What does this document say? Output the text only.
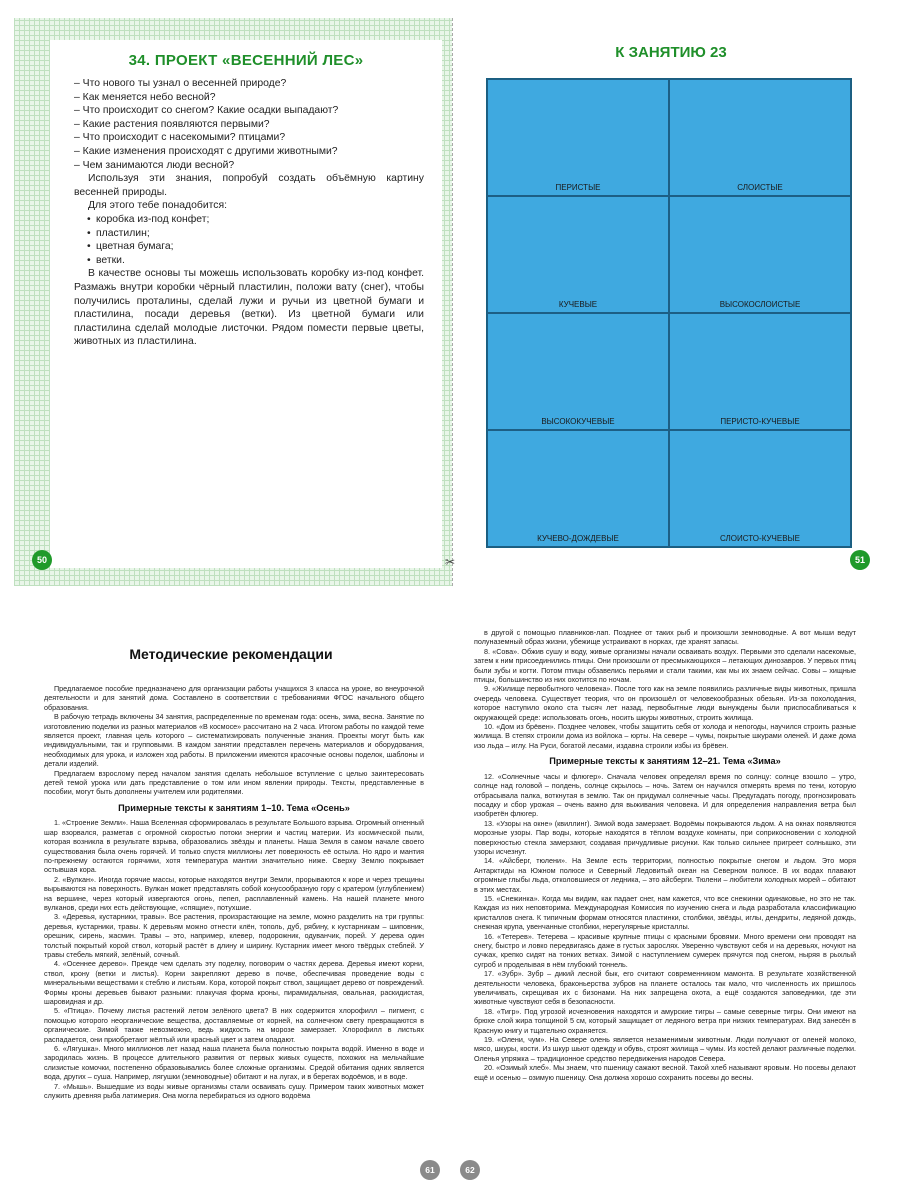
34. ПРОЕКТ «ВЕСЕННИЙ ЛЕС»

– Что нового ты узнал о весенней природе?

– Как меняется небо весной?

– Что происходит со снегом? Какие осадки выпадают?

– Какие растения появляются первыми?

– Что происходит с насекомыми? птицами?

– Какие изменения происходят с другими животными?

– Чем занимаются люди весной?

Используя эти знания, попробуй создать объёмную картину весенней природы.

Для этого тебе понадобится:

• коробка из-под конфет;
• пластилин;
• цветная бумага;
• ветки.

В качестве основы ты можешь использовать коробку из-под конфет. Размажь внутри коробки чёрный пластилин, положи вату (снег), чтобы получились проталины, сделай лужи и ручьи из цветной бумаги и пластилина, посади деревья (ветки). Из цветной бумаги или пластилина сделай молодые листочки. Рядом помести первые цветы, животных из пластилина.

50	✂
К ЗАНЯТИЮ 23
ПЕРИСТЫЕ	СЛОИСТЫЕ
КУЧЕВЫЕ	ВЫСОКОСЛОИСТЫЕ
ВЫСОКОКУЧЕВЫЕ	ПЕРИСТО-КУЧЕВЫЕ
КУЧЕВО-ДОЖДЕВЫЕ	СЛОИСТО-КУЧЕВЫЕ
51
Методические рекомендации

Предлагаемое пособие предназначено для организации работы учащихся 3 класса на уроке, во внеурочной деятельности и для занятий дома. Составлено в соответствии с требованиями ФГОС начального общего образования.

В рабочую тетрадь включены 34 занятия, распределенные по временам года: осень, зима, весна. Занятие по изготовлению поделки из разных материалов «В космосе» рассчитано на 2 часа. Итогом работы по каждой теме является проект, главная цель которого – систематизировать полученные знания. Проекты могут быть как индивидуальными, так и групповыми. В каждом занятии представлен перечень материалов и оборудования, необходимых для урока, и изложен ход работы. В приложении имеются красочные основы поделок, шаблоны и детали изделий.

Предлагаем взрослому перед началом занятия сделать небольшое вступление с целью заинтересовать детей темой урока или дать представление о том или ином явлении природы. Тексты, представленные в пособии, могут быть дополнены учителем или родителями.

Примерные тексты к занятиям 1–10. Тема «Осень»

1. «Строение Земли». Наша Вселенная сформировалась в результате Большого взрыва. Огромный огненный шар взорвался, разметав с огромной скоростью потоки энергии и частиц материи. Из космической пыли, которая возникла в результате взрыва, образовались звёзды и планеты. Наша Земля в самом начале своего существования была очень горячей. И только спустя миллионы лет поверхность её остыла. Но ядро и мантия по-прежнему остаются горячими, хотя температура мантии значительно ниже. Сверху Землю покрывает остывшая кора.

2. «Вулкан». Иногда горячие массы, которые находятся внутри Земли, прорываются к коре и через трещины вырываются на поверхность. Вулкан может представлять собой конусообразную гору с кратером (углублением) на вершине, через который извергаются огонь, пепел, расплавленный камень. На нашей планете много вулканов, среди них есть действующие, «спящие», потухшие.

3. «Деревья, кустарники, травы». Все растения, произрастающие на земле, можно разделить на три группы: деревья, кустарники, травы. К деревьям можно отнести клён, тополь, дуб, рябину, к кустарникам – шиповник, орешник, сирень, жасмин. Травы – это, например, клевер, подорожник, одуванчик, порей. У дерева один толстый покрытый корой ствол, который растёт в длину и ширину. Кустарник имеет много твёрдых стеблей. У травы стебель мягкий, зелёный, сочный.

4. «Осеннее дерево». Прежде чем сделать эту поделку, поговорим о частях дерева. Деревья имеют корни, ствол, крону (ветки и листья). Корни закрепляют дерево в почве, обеспечивая проведение воды с минеральными веществами к стеблю и листьям. Кора, которой покрыт ствол, защищает дерево от повреждений. Формы кроны деревьев бывают разными: плакучая форма кроны, пирамидальная, овальная, раскидистая, шаровидная и др.

5. «Птица». Почему листья растений летом зелёного цвета? В них содержится хлорофилл – пигмент, с помощью которого неорганические вещества, доставляемые от корней, на солнечном свету превращаются в органические. Зимой также невозможно, ведь жидкость на морозе замерзает. Хлорофилл в листьях распадается, они приобретают жёлтый или красный цвет и затем опадают.

6. «Лягушка». Много миллионов лет назад наша планета была полностью покрыта водой. Именно в воде и зародилась жизнь. В процессе длительного развития от первых живых существ, похожих на мельчайшие слизистые комочки, постепенно образовывались более сложные организмы. Средой обитания одних является вода, других – суша. Например, лягушки (земноводные) обитают и на лугах, и в берегах водоёмов, и в воде.

7. «Мышь». Вышедшие из воды живые организмы стали осваивать сушу. Примером таких животных может служить древняя рыба латимерия. Она могла перебираться из одного водоёма

61

в другой с помощью плавников-лап. Позднее от таких рыб и произошли земноводные. А вот мыши ведут полуназемный образ жизни, убежище устраивают в норках, где хранят запасы.

8. «Сова». Обжив сушу и воду, живые организмы начали осваивать воздух. Первыми это сделали насекомые, затем к ним присоединились птицы. Они произошли от пресмыкающихся – летающих динозавров. У первых птиц были зубы и когти. Потом птицы обзавелись перьями и стали такими, как мы их знаем сейчас. Совы – хищные птицы, большинство из них охотится по ночам.

9. «Жилище первобытного человека». После того как на земле появились различные виды животных, пришла очередь человека. Существует теория, что он произошёл от человекообразных обезьян. Из-за похолодания, которое наступило около ста тысяч лет назад, первобытные люди вынуждены были приспосабливаться к окружающей среде: использовать огонь, носить шкуры животных, строить жилища.

10. «Дом из брёвен». Позднее человек, чтобы защитить себя от холода и непогоды, научился строить разные жилища. В степях строили дома из войлока – юрты. На севере – чумы, покрытые шкурами оленей. И даже дома изо льда – иглу. На Руси, богатой лесами, издавна строили избы из брёвен.

Примерные тексты к занятиям 12–21. Тема «Зима»

12. «Солнечные часы и флюгер». Сначала человек определял время по солнцу: солнце взошло – утро, солнце над головой – полдень, солнце скрылось – ночь. Затем он научился отмерять время по тени, которую отбрасывала палка, воткнутая в землю. Так он придумал солнечные часы. Предугадать погоду, прогнозировать посадку и сбор урожая – очень важно для выживания человека. И для определения направления ветра был изобретён флюгер.

13. «Узоры на окне» (квиллинг). Зимой вода замерзает. Водоёмы покрываются льдом. А на окнах появляются морозные узоры. Пар воды, которые находятся в тёплом воздухе комнаты, при соприкосновении с холодной поверхностью стекла замерзают, создавая причудливые рисунки. Как только сильнее пригреет солнышко, эти узоры исчезнут.

14. «Айсберг, тюлени». На Земле есть территории, полностью покрытые снегом и льдом. Это моря Антарктиды на Южном полюсе и Северный Ледовитый океан на Северном полюсе. В их водах плавают огромные глыбы льда, отколовшиеся от ледника, – это айсберги. Тюлени – любители холодных морей – обитают в этих местах.

15. «Снежинка». Когда мы видим, как падает снег, нам кажется, что все снежинки одинаковые, но это не так. Каждая из них неповторима. Международная Комиссия по изучению снега и льда разработала классификацию кристаллов снега. К типичным формам относятся пластинки, столбики, звёзды, иглы, дендриты, ледяной дождь, снежная крупа, увенчанные столбики, нерегулярные кристаллы.

16. «Тетерев». Тетерева – красивые крупные птицы с красными бровями. Много времени они проводят на снегу, быстро и ловко передвигаясь даже в густых зарослях. Уверенно чувствуют себя и на деревьях, ночуют на сучках, крепко сидят на тонких ветках. Зимой с наступлением сумерек прячутся под снегом, ныряя в рыхлый сугроб и проделывая в нём глубокий тоннель.

17. «Зубр». Зубр – дикий лесной бык, его считают современником мамонта. В результате хозяйственной деятельности человека, браконьерства зубров на планете осталось так мало, что численность их пришлось увеличивать, скрещивая их с бизонами. На них запрещена охота, а ещё создаются заповедники, где эти животные чувствуют себя в безопасности.

18. «Тигр». Под угрозой исчезновения находятся и амурские тигры – самые северные тигры. Они имеют на брюхе слой жира толщиной 5 см, который защищает от ледяного ветра при низких температурах. Вид занесён в Красную книгу и тщательно охраняется.

19. «Олени, чум». На Севере олень является незаменимым животным. Люди получают от оленей молоко, мясо, шкуры, кости. Из шкур шьют одежду и обувь, строят жилища – чумы. Из костей делают различные поделки. Оленья упряжка – традиционное средство передвижения народов Севера.

20. «Озимый хлеб». Мы знаем, что пшеницу сажают весной. Такой хлеб называют яровым. Но посевы делают ещё и осенью – озимую пшеницу. Она должна хорошо сохранить посевы до весны.

62
